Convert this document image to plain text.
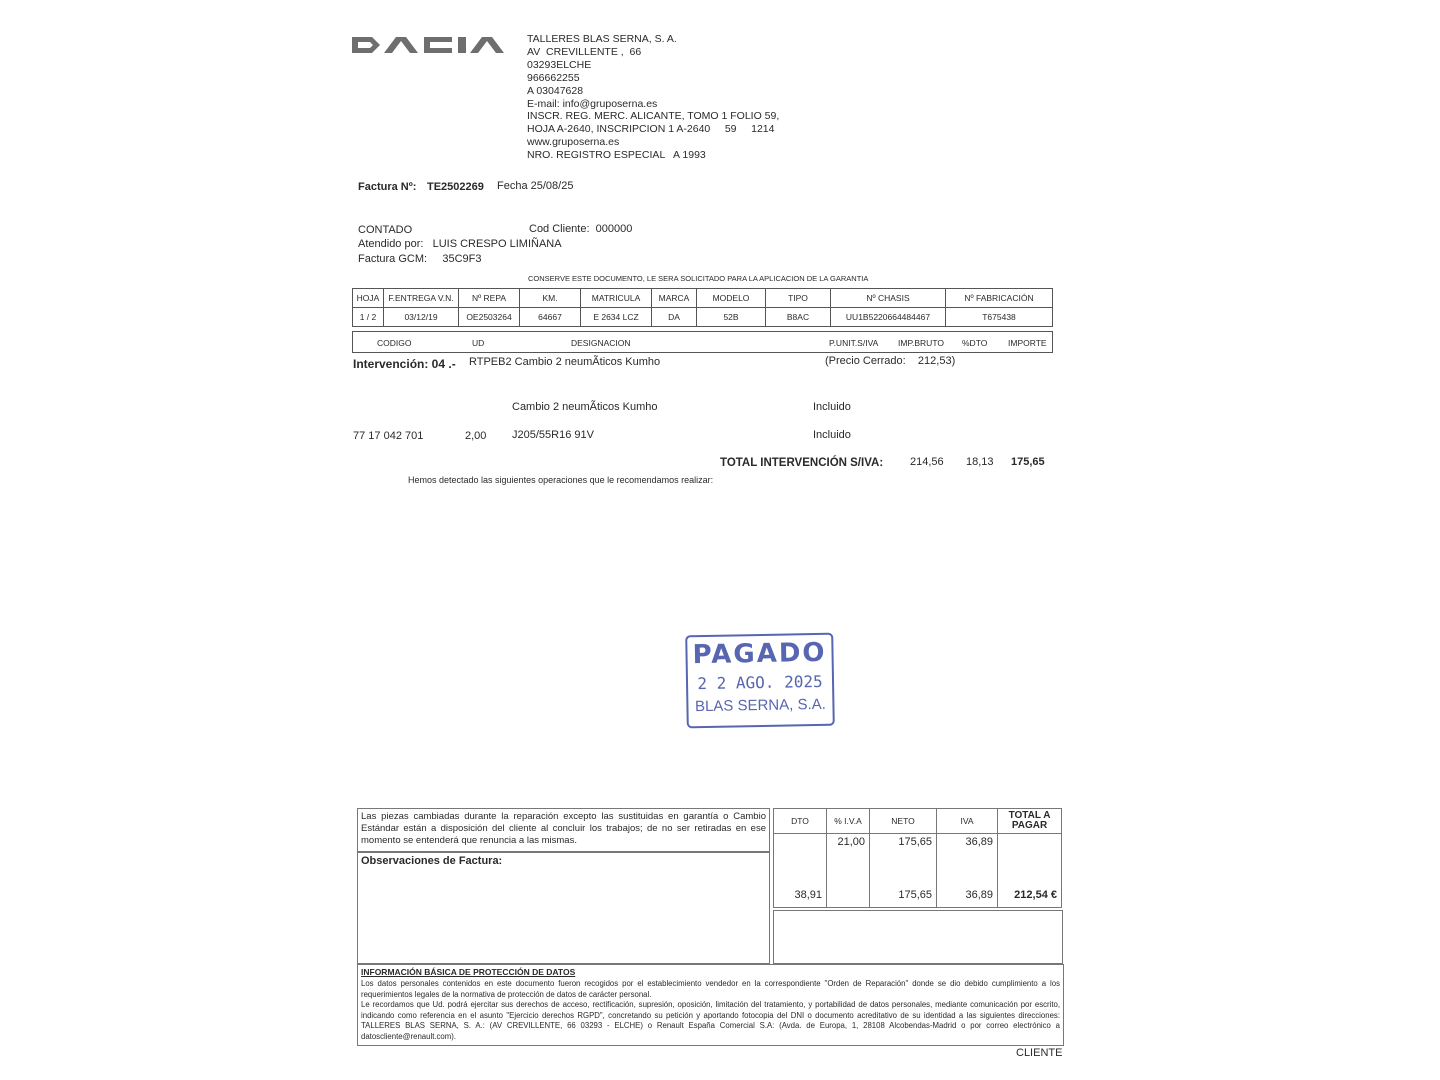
TALLERES BLAS SERNA, S. A.
AV  CREVILLENTE ,  66
03293ELCHE
966662255
A 03047628
E-mail: info@gruposerna.es
INSCR. REG. MERC. ALICANTE, TOMO 1 FOLIO 59,
HOJA A-2640, INSCRIPCION 1 A-2640     59     1214
www.gruposerna.es
NRO. REGISTRO ESPECIAL   A 1993
Factura Nº: TE2502269 Fecha 25/08/25
CONTADO	Cod Cliente:  000000
Atendido por:   LUIS CRESPO LIMIÑANA
Factura GCM:     35C9F3
CONSERVE ESTE DOCUMENTO, LE SERA SOLICITADO PARA LA APLICACION DE LA GARANTIA
HOJA	F.ENTREGA V.N.	Nº REPA	KM.	MATRICULA	MARCA	MODELO	TIPO	Nº CHASIS	Nº FABRICACIÓN
1 / 2	03/12/19	OE2503264	64667	E 2634 LCZ	DA	52B	B8AC	UU1B5220664484467	T675438
CODIGO	UD	DESIGNACION	P.UNIT.S/IVA IMP.BRUTO %DTO IMPORTE
Intervención: 04 .- RTPEB2 Cambio 2 neumÃticos Kumho	(Precio Cerrado:    212,53)
Cambio 2 neumÃticos Kumho	Incluido
77 17 042 701	2,00 J205/55R16 91V	Incluido
TOTAL INTERVENCIÓN S/IVA: 214,56 18,13 175,65
Hemos detectado las siguientes operaciones que le recomendamos realizar:
PAGADO
2 2 AGO. 2025
BLAS SERNA, S.A.
Las piezas cambiadas durante la reparación excepto las sustituidas en garantía o Cambio Estándar están a disposición del cliente al concluir los trabajos; de no ser retiradas en ese momento se entenderá que renuncia a las mismas.
Observaciones de Factura:
DTO	% I.V.A	NETO	IVA	TOTAL A PAGAR
	21,00	175,65	36,89	
38,91		175,65	36,89	212,54 €
INFORMACIÓN BÁSICA DE PROTECCIÓN DE DATOS
Los datos personales contenidos en este documento fueron recogidos por el establecimiento vendedor en la correspondiente "Orden de Reparación" donde se dio debido cumplimiento a los requerimientos legales de la normativa de protección de datos de carácter personal.
Le recordamos que Ud. podrá ejercitar sus derechos de acceso, rectificación, supresión, oposición, limitación del tratamiento, y portabilidad de datos personales, mediante comunicación por escrito, indicando como referencia en el asunto "Ejercicio derechos RGPD", concretando su petición y aportando fotocopia del DNI o documento acreditativo de su identidad a las siguientes direcciones: TALLERES BLAS SERNA, S. A.: (AV CREVILLENTE, 66 03293 - ELCHE) o Renault España Comercial S.A: (Avda. de Europa, 1, 28108 Alcobendas-Madrid o por correo electrónico a datoscliente@renault.com).
CLIENTE
